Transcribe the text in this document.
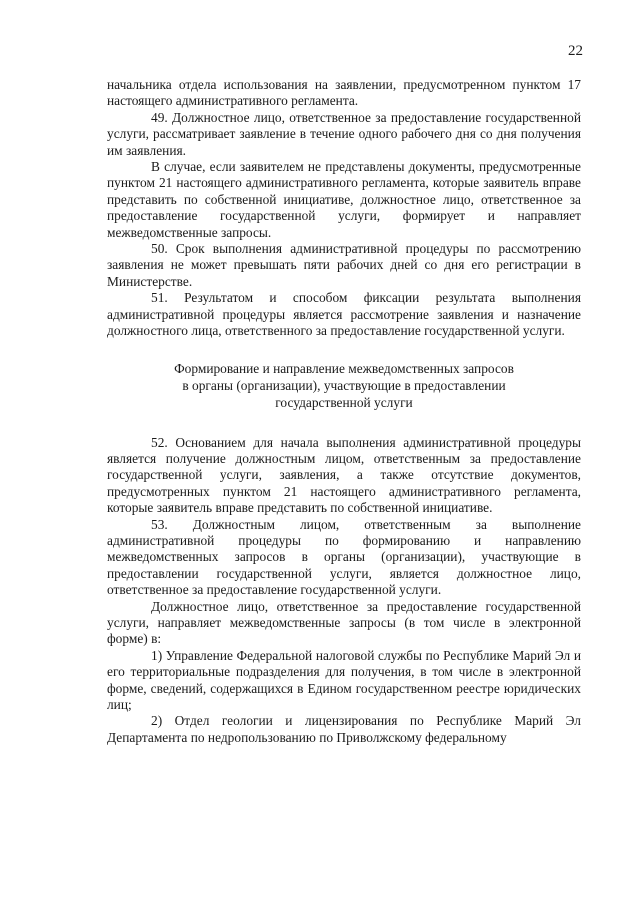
22

начальника отдела использования на заявлении, предусмотренном пунктом 17 настоящего административного регламента.

49. Должностное лицо, ответственное за предоставление государственной услуги, рассматривает заявление в течение одного рабочего дня со дня получения им заявления.

В случае, если заявителем не представлены документы, предусмотренные пунктом 21 настоящего административного регламента, которые заявитель вправе представить по собственной инициативе, должностное лицо, ответственное за предоставление государственной услуги, формирует и направляет межведомственные запросы.

50. Срок выполнения административной процедуры по рассмотрению заявления не может превышать пяти рабочих дней со дня его регистрации в Министерстве.

51. Результатом и способом фиксации результата выполнения административной процедуры является рассмотрение заявления и назначение должностного лица, ответственного за предоставление государственной услуги.

Формирование и направление межведомственных запросов
в органы (организации), участвующие в предоставлении
государственной услуги

52. Основанием для начала выполнения административной процедуры является получение должностным лицом, ответственным за предоставление государственной услуги, заявления, а также отсутствие документов, предусмотренных пунктом 21 настоящего административного регламента, которые заявитель вправе представить по собственной инициативе.

53. Должностным лицом, ответственным за выполнение административной процедуры по формированию и направлению межведомственных запросов в органы (организации), участвующие в предоставлении государственной услуги, является должностное лицо, ответственное за предоставление государственной услуги.

Должностное лицо, ответственное за предоставление государственной услуги, направляет межведомственные запросы (в том числе в электронной форме) в:

1) Управление Федеральной налоговой службы по Республике Марий Эл и его территориальные подразделения для получения, в том числе в электронной форме, сведений, содержащихся в Едином государственном реестре юридических лиц;

2) Отдел геологии и лицензирования по Республике Марий Эл Департамента по недропользованию по Приволжскому федеральному
